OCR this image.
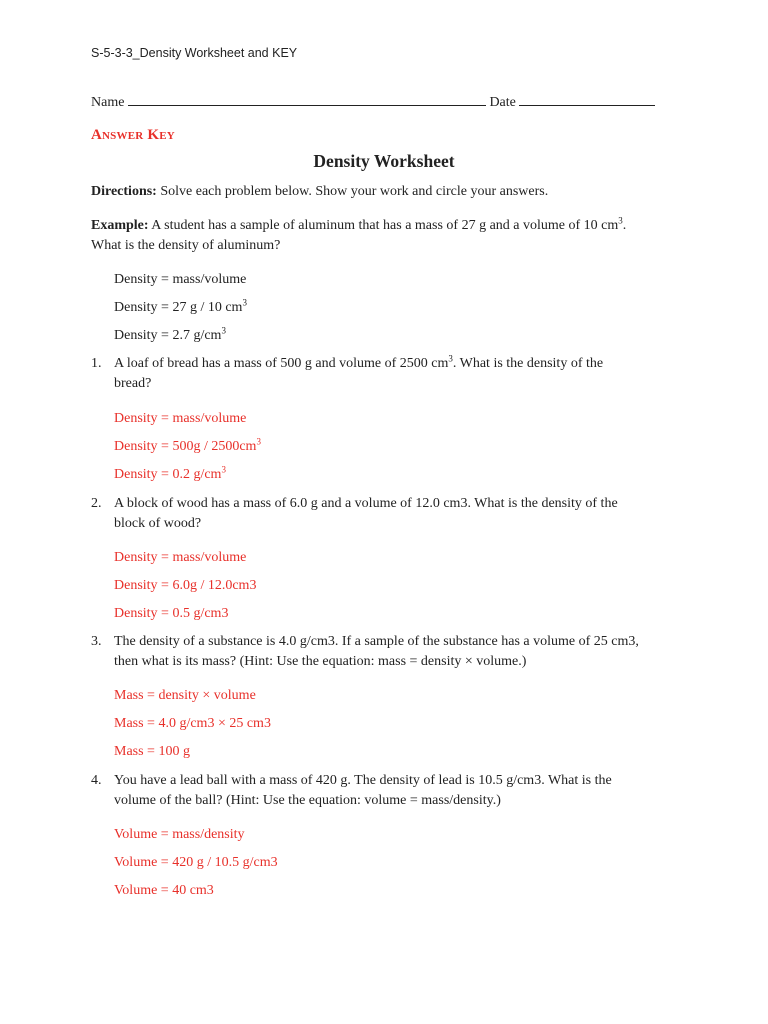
S-5-3-3_Density Worksheet and KEY
Name	Date
Answer Key
Density Worksheet
Directions: Solve each problem below. Show your work and circle your answers.
Example: A student has a sample of aluminum that has a mass of 27 g and a volume of 10 $cm^3$.
What is the density of aluminum?
Density = mass/volume
Density = 27 g / 10 $cm^3$
Density = 2.7 $g/cm^3$
1. A loaf of bread has a mass of 500 g and volume of 2500 $cm^3$. What is the density of the
bread?
Density = mass/volume
Density = $500g / 2500cm^3$
Density = 0.2 $g/cm^3$
2. A block of wood has a mass of 6.0 g and a volume of 12.0 cm3. What is the density of the
block of wood?
Density = mass/volume
Density = 6.0g / 12.0cm3
Density = 0.5 g/cm3
3. The density of a substance is 4.0 g/cm3. If a sample of the substance has a volume of 25 cm3,
then what is its mass? (Hint: Use the equation: mass = density × volume.)
Mass = density × volume
Mass = 4.0 g/cm3 × 25 cm3
Mass = 100 g
4. You have a lead ball with a mass of 420 g. The density of lead is 10.5 g/cm3. What is the
volume of the ball? (Hint: Use the equation: volume = mass/density.)
Volume = mass/density
Volume = 420 g / 10.5 g/cm3
Volume = 40 cm3
